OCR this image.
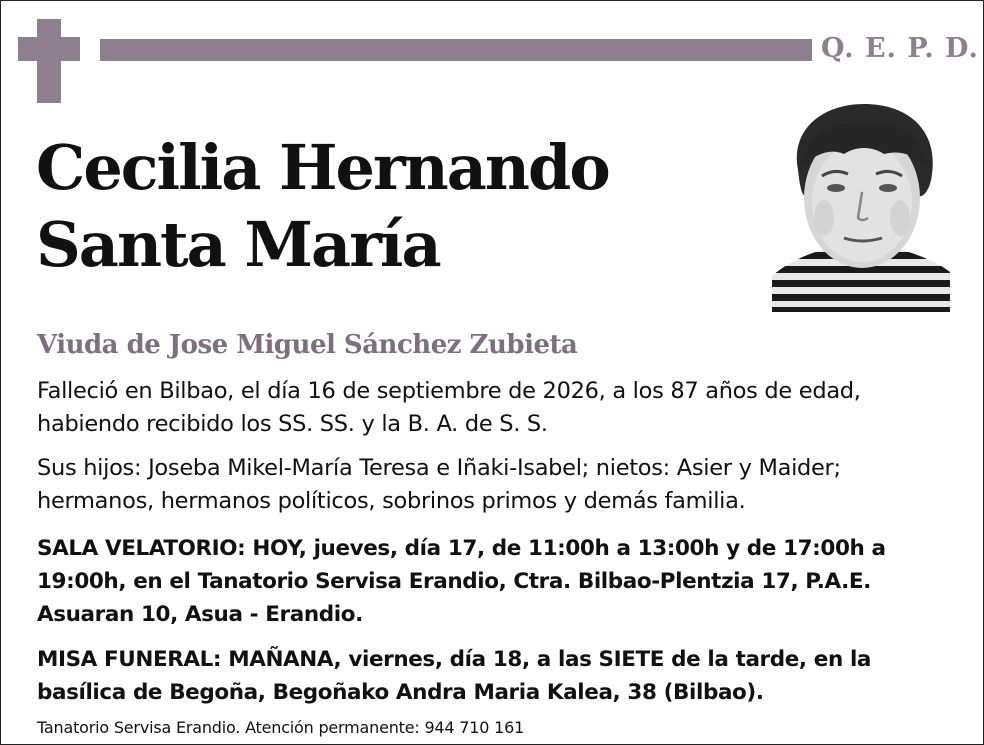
Q. E. P. D.
Cecilia Hernando
Santa María
Viuda de Jose Miguel Sánchez Zubieta

Falleció en Bilbao, el día 16 de septiembre de 2026, a los 87 años de edad,
habiendo recibido los SS. SS. y la B. A. de S. S.

Sus hijos: Joseba Mikel-María Teresa e Iñaki-Isabel; nietos: Asier y Maider;
hermanos, hermanos políticos, sobrinos primos y demás familia.

SALA VELATORIO: HOY, jueves, día 17, de 11:00h a 13:00h y de 17:00h a
19:00h, en el Tanatorio Servisa Erandio, Ctra. Bilbao-Plentzia 17, P.A.E.
Asuaran 10, Asua - Erandio.

MISA FUNERAL: MAÑANA, viernes, día 18, a las SIETE de la tarde, en la
basílica de Begoña, Begoñako Andra Maria Kalea, 38 (Bilbao).

Tanatorio Servisa Erandio. Atención permanente: 944 710 161
